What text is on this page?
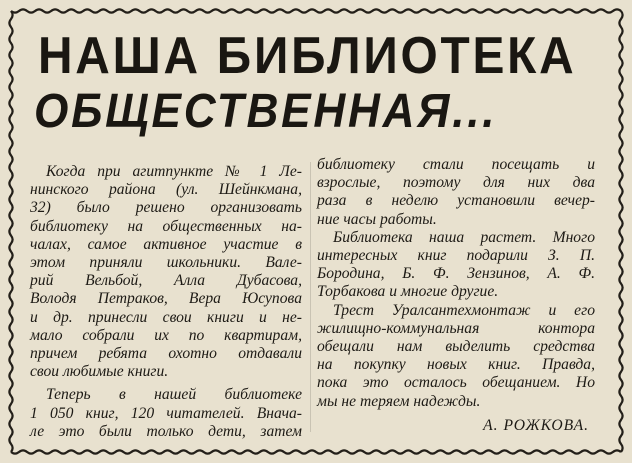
НАША БИБЛИОТЕКА
ОБЩЕСТВЕННАЯ...
Когда при агитпункте № 1 Ле-
нинского района (ул. Шейнкмана,
32) было решено организовать
библиотеку на общественных на-
чалах, самое активное участие в
этом приняли школьники. Вале-
рий Вельбой, Алла Дубасова,
Володя Петраков, Вера Юсупова
и др. принесли свои книги и не-
мало собрали их по квартирам,
причем ребята охотно отдавали
свои любимые книги.
Теперь в нашей библиотеке
1 050 книг, 120 читателей. Внача-
ле это были только дети, затем
библиотеку стали посещать и
взрослые, поэтому для них два
раза в неделю установили вечер-
ние часы работы.
Библиотека наша растет. Много
интересных книг подарили З. П.
Бородина, Б. Ф. Зензинов, А. Ф.
Торбакова и многие другие.
Трест Уралсантехмонтаж и его
жилищно-коммунальная контора
обещали нам выделить средства
на покупку новых книг. Правда,
пока это осталось обещанием. Но
мы не теряем надежды.
А. РОЖКОВА.
